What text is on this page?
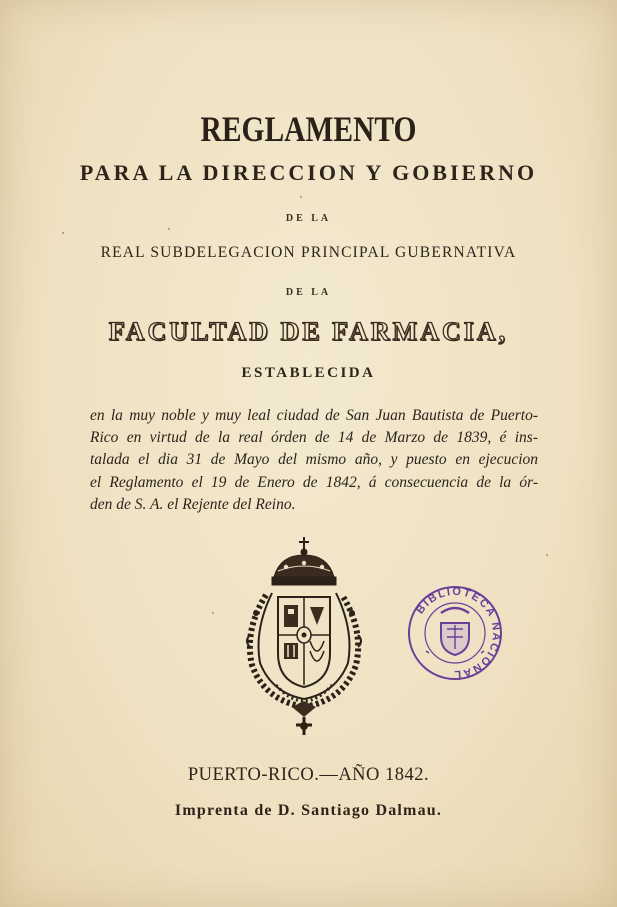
REGLAMENTO
PARA LA DIRECCION Y GOBIERNO
DE LA
REAL SUBDELEGACION PRINCIPAL GUBERNATIVA
DE LA
FACULTAD DE FARMACIA,
ESTABLECIDA
en la muy noble y muy leal ciudad de San Juan Bautista de Puerto-
Rico en virtud de la real órden de 14 de Marzo de 1839, é ins-
talada el dia 31 de Mayo del mismo año, y puesto en ejecucion
el Reglamento el 19 de Enero de 1842, á consecuencia de la ór-
den de S. A. el Rejente del Reino.
BIBLIOTECA NACIONAL
PUERTO-RICO.—AÑO 1842.
Imprenta de D. Santiago Dalmau.
